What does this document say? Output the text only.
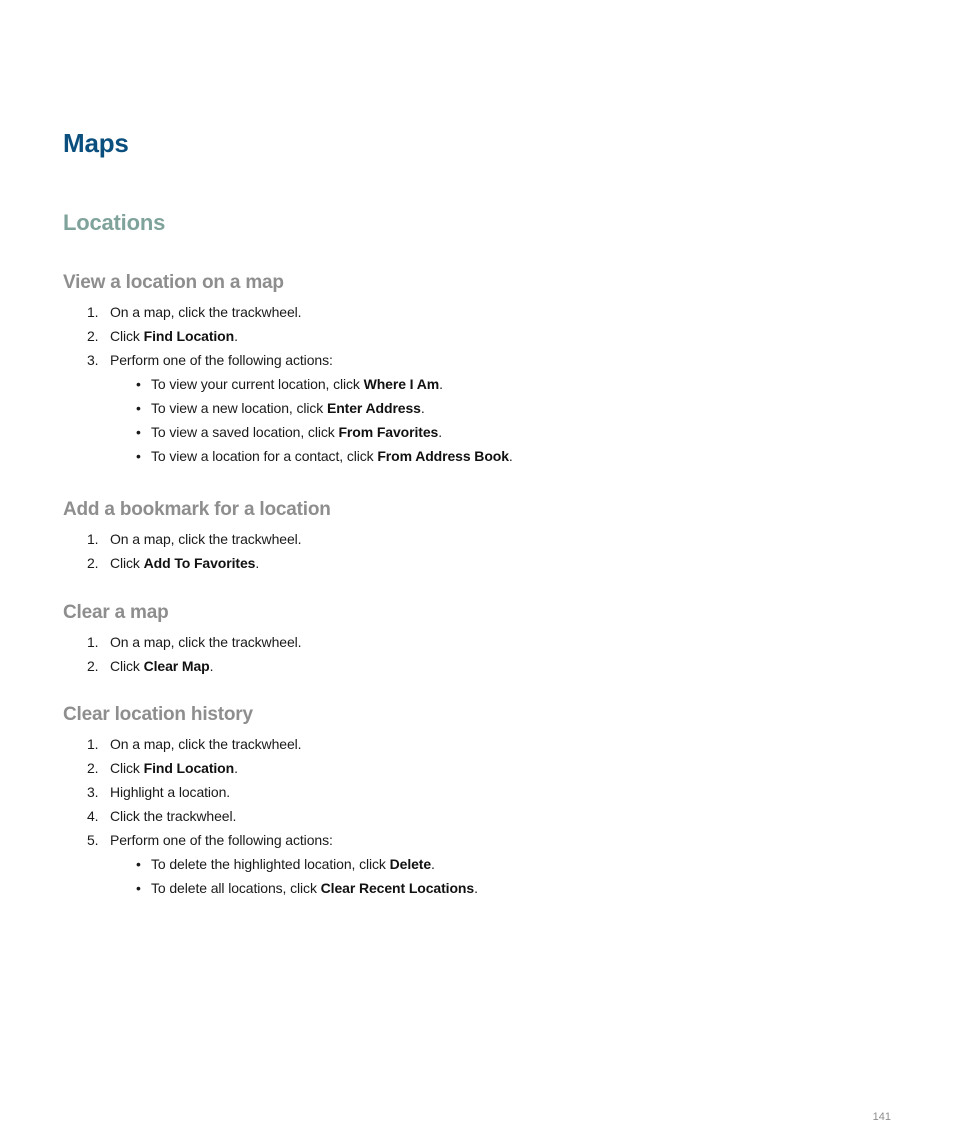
Maps
Locations
View a location on a map
1. On a map, click the trackwheel.
2. Click Find Location.
3. Perform one of the following actions:
• To view your current location, click Where I Am.
• To view a new location, click Enter Address.
• To view a saved location, click From Favorites.
• To view a location for a contact, click From Address Book.
Add a bookmark for a location
1. On a map, click the trackwheel.
2. Click Add To Favorites.
Clear a map
1. On a map, click the trackwheel.
2. Click Clear Map.
Clear location history
1. On a map, click the trackwheel.
2. Click Find Location.
3. Highlight a location.
4. Click the trackwheel.
5. Perform one of the following actions:
• To delete the highlighted location, click Delete.
• To delete all locations, click Clear Recent Locations.
141
